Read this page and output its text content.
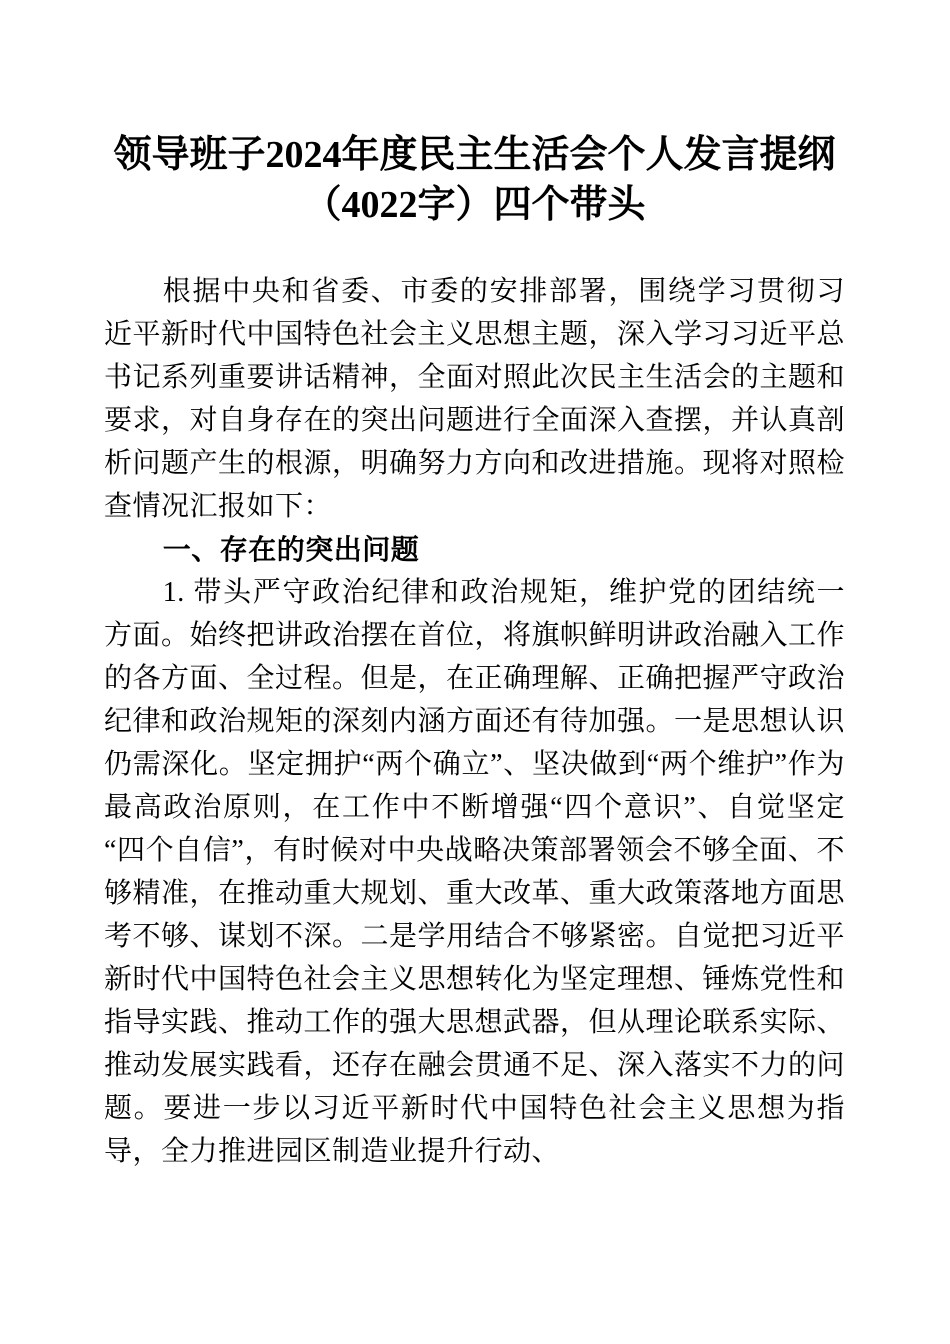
领导班子2024年度民主生活会个人发言提纲
（4022字）四个带头

根据中央和省委、市委的安排部署，围绕学习贯彻习近平新时代中国特色社会主义思想主题，深入学习习近平总书记系列重要讲话精神，全面对照此次民主生活会的主题和要求，对自身存在的突出问题进行全面深入查摆，并认真剖析问题产生的根源，明确努力方向和改进措施。现将对照检查情况汇报如下：

一、存在的突出问题

1. 带头严守政治纪律和政治规矩，维护党的团结统一方面。始终把讲政治摆在首位，将旗帜鲜明讲政治融入工作的各方面、全过程。但是，在正确理解、正确把握严守政治纪律和政治规矩的深刻内涵方面还有待加强。一是思想认识仍需深化。坚定拥护“两个确立”、坚决做到“两个维护”作为最高政治原则，在工作中不断增强“四个意识”、自觉坚定“四个自信”，有时候对中央战略决策部署领会不够全面、不够精准，在推动重大规划、重大改革、重大政策落地方面思考不够、谋划不深。二是学用结合不够紧密。自觉把习近平新时代中国特色社会主义思想转化为坚定理想、锤炼党性和指导实践、推动工作的强大思想武器，但从理论联系实际、推动发展实践看，还存在融会贯通不足、深入落实不力的问题。要进一步以习近平新时代中国特色社会主义思想为指导，全力推进园区制造业提升行动、
